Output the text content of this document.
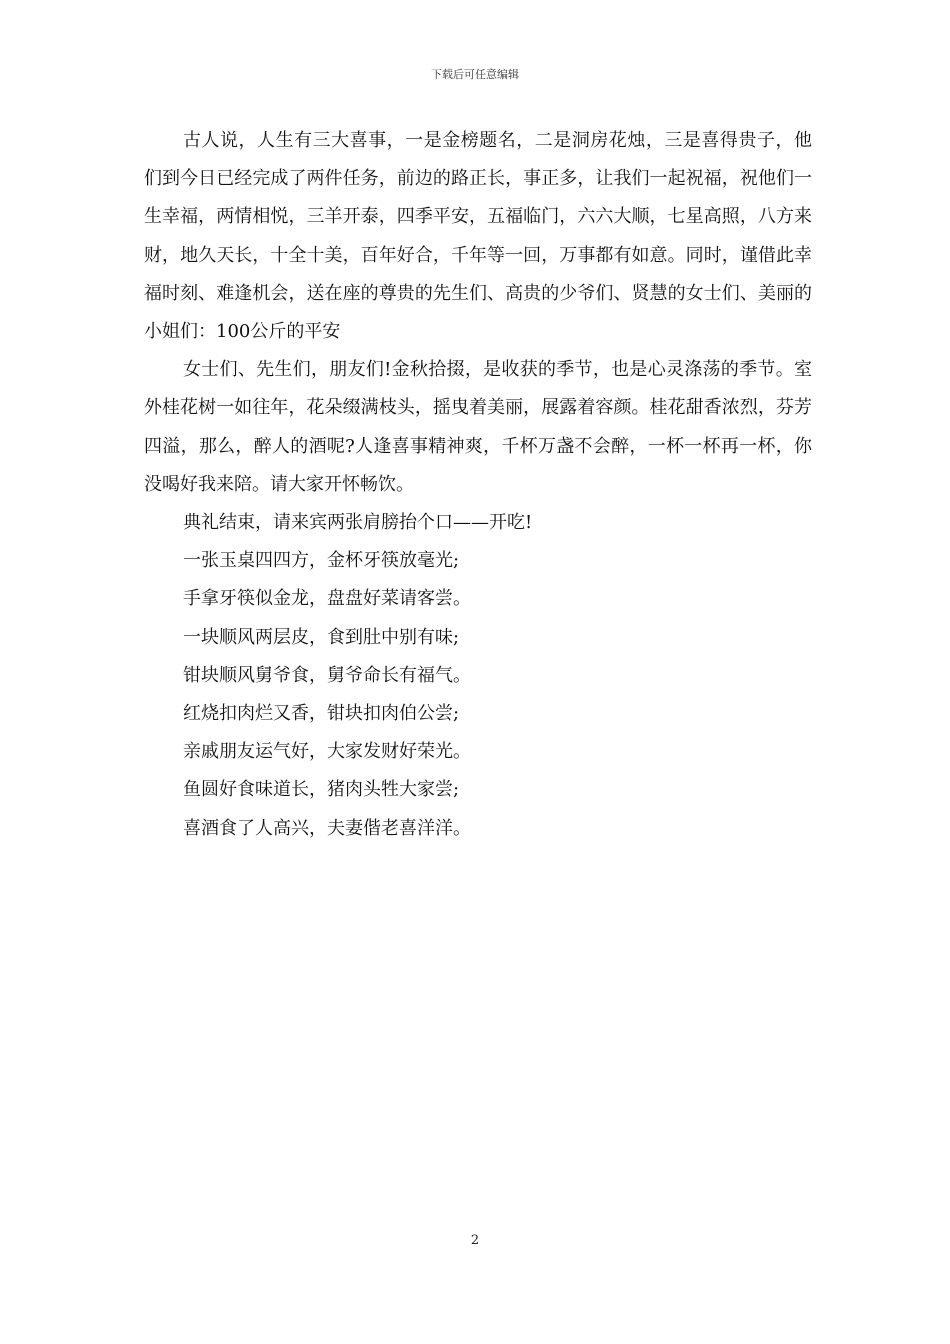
下载后可任意编辑

古人说，人生有三大喜事，一是金榜题名，二是洞房花烛，三是喜得贵子，他们到今日已经完成了两件任务，前边的路正长，事正多，让我们一起祝福，祝他们一生幸福，两情相悦，三羊开泰，四季平安，五福临门，六六大顺，七星高照，八方来财，地久天长，十全十美，百年好合，千年等一回，万事都有如意。同时，谨借此幸福时刻、难逢机会，送在座的尊贵的先生们、高贵的少爷们、贤慧的女士们、美丽的小姐们：100公斤的平安

女士们、先生们，朋友们!金秋拾掇，是收获的季节，也是心灵涤荡的季节。室外桂花树一如往年，花朵缀满枝头，摇曳着美丽，展露着容颜。桂花甜香浓烈，芬芳四溢，那么，醉人的酒呢?人逢喜事精神爽，千杯万盏不会醉，一杯一杯再一杯，你没喝好我来陪。请大家开怀畅饮。

典礼结束，请来宾两张肩膀抬个口——开吃!

一张玉桌四四方，金杯牙筷放毫光;

手拿牙筷似金龙，盘盘好菜请客尝。

一块顺风两层皮，食到肚中别有味;

钳块顺风舅爷食，舅爷命长有福气。

红烧扣肉烂又香，钳块扣肉伯公尝;

亲戚朋友运气好，大家发财好荣光。

鱼圆好食味道长，猪肉头牲大家尝;

喜酒食了人高兴，夫妻偕老喜洋洋。

2
